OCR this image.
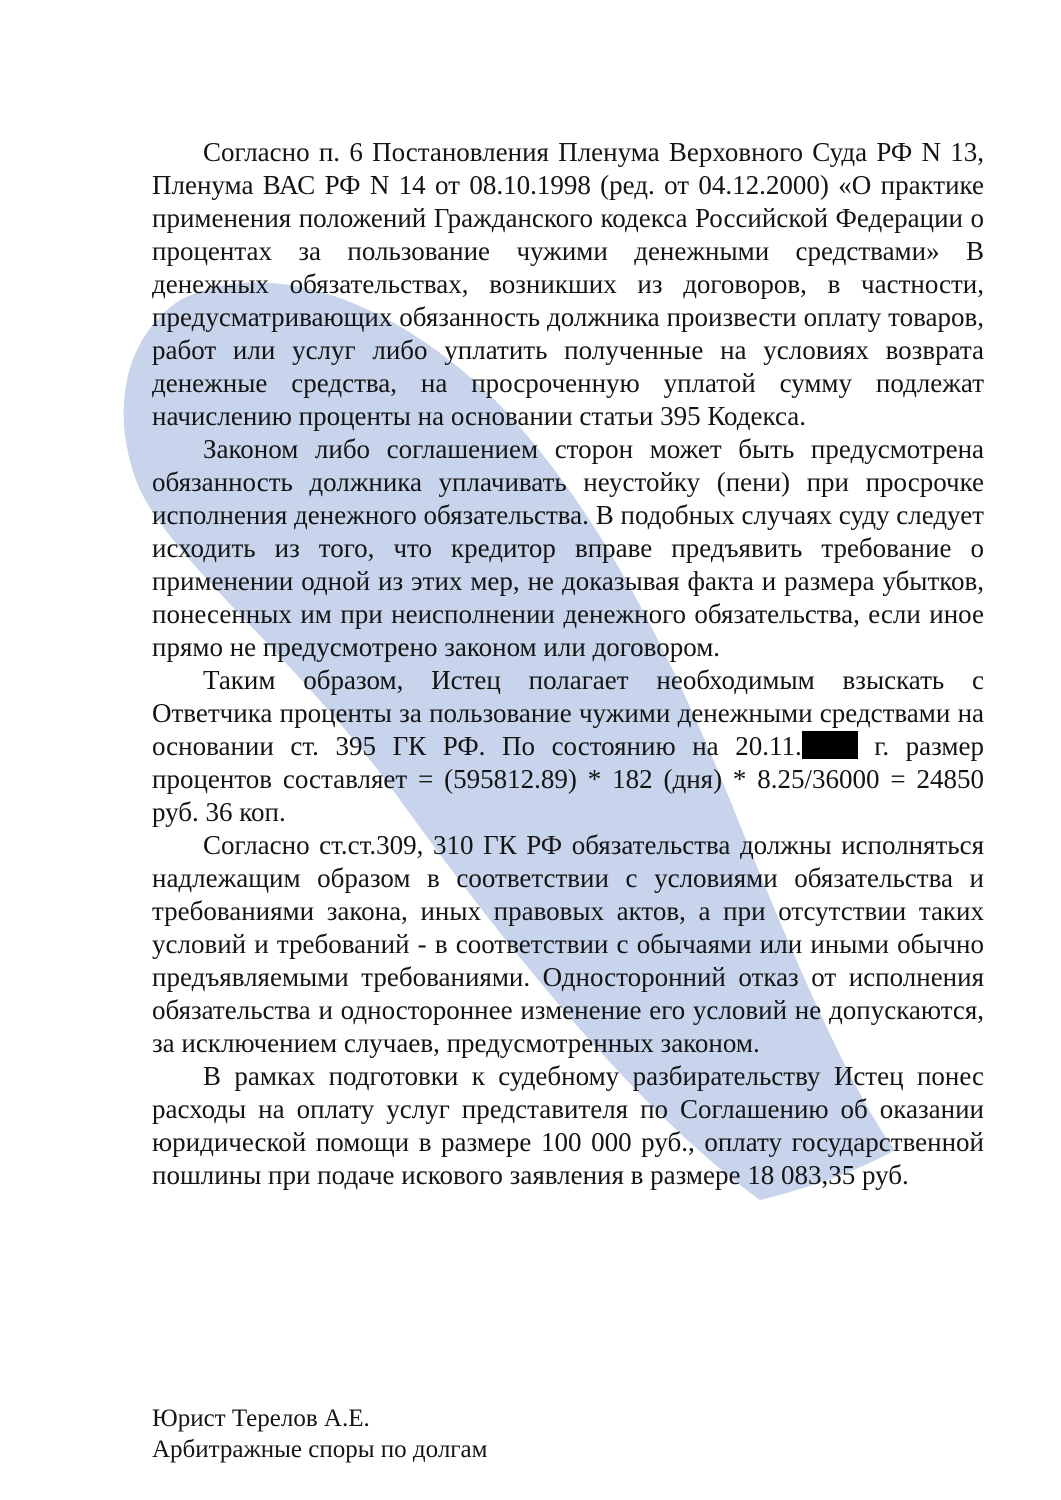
Согласно п. 6 Постановления Пленума Верховного Суда РФ N 13, Пленума ВАС РФ N 14 от 08.10.1998 (ред. от 04.12.2000) «О практике применения положений Гражданского кодекса Российской Федерации о процентах за пользование чужими денежными средствами» В денежных обязательствах, возникших из договоров, в частности, предусматривающих обязанность должника произвести оплату товаров, работ или услуг либо уплатить полученные на условиях возврата денежные средства, на просроченную уплатой сумму подлежат начислению проценты на основании статьи 395 Кодекса.

Законом либо соглашением сторон может быть предусмотрена обязанность должника уплачивать неустойку (пени) при просрочке исполнения денежного обязательства. В подобных случаях суду следует исходить из того, что кредитор вправе предъявить требование о применении одной из этих мер, не доказывая факта и размера убытков, понесенных им при неисполнении денежного обязательства, если иное прямо не предусмотрено законом или договором.

Таким образом, Истец полагает необходимым взыскать с Ответчика проценты за пользование чужими денежными средствами на основании ст. 395 ГК РФ. По состоянию на 20.11. г. размер процентов составляет = (595812.89) * 182 (дня) * 8.25/36000 = 24850 руб. 36 коп.

Согласно ст.ст.309, 310 ГК РФ обязательства должны исполняться надлежащим образом в соответствии с условиями обязательства и требованиями закона, иных правовых актов, а при отсутствии таких условий и требований - в соответствии с обычаями или иными обычно предъявляемыми требованиями. Односторонний отказ от исполнения обязательства и одностороннее изменение его условий не допускаются, за исключением случаев, предусмотренных законом.

В рамках подготовки к судебному разбирательству Истец понес расходы на оплату услуг представителя по Соглашению об оказании юридической помощи в размере 100 000 руб., оплату государственной пошлины при подаче искового заявления в размере 18 083,35 руб.

Юрист Терелов А.Е.
Арбитражные споры по долгам
